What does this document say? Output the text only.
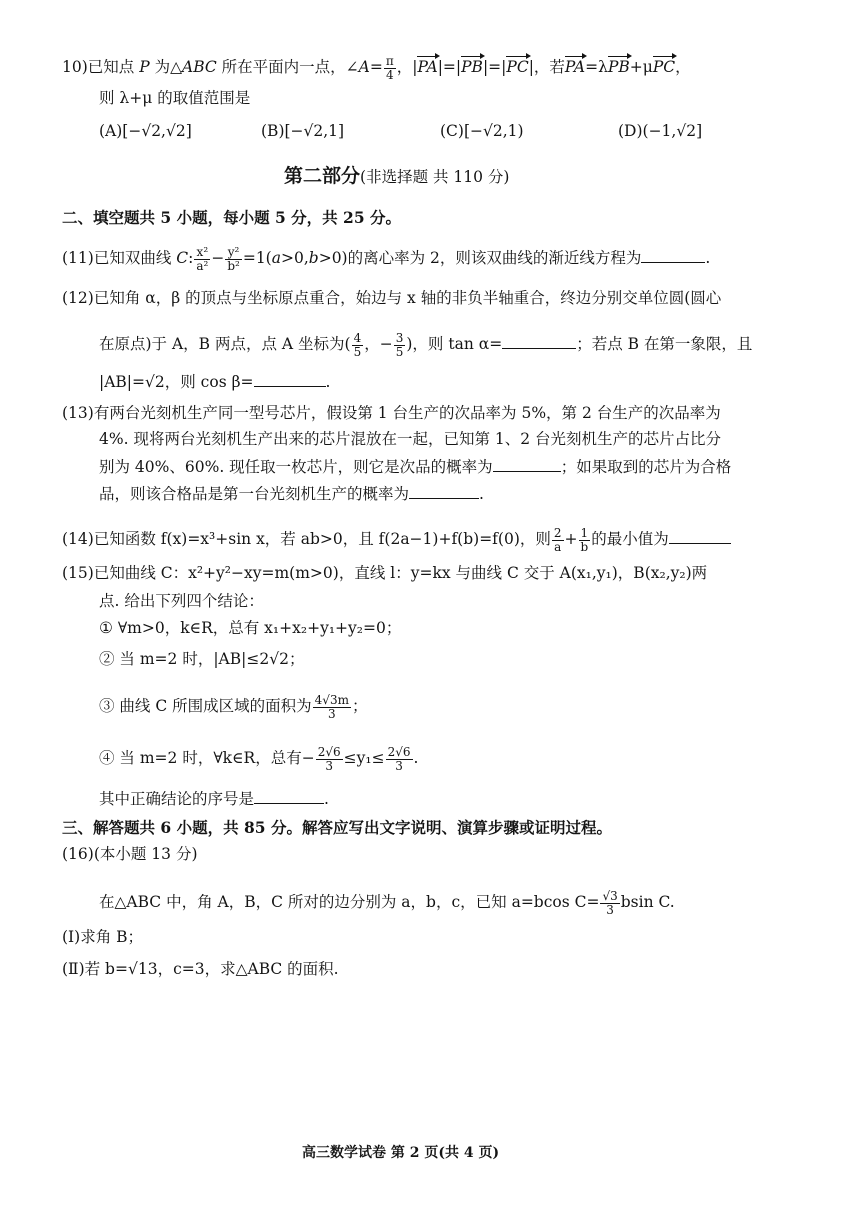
10)已知点 P 为△ABC 所在平面内一点，∠A= $\frac{\pi}{4}$ ，|PA|=|PB|=|PC|，若PA=λPB+μPC，
则 λ+μ 的取值范围是
(A)[−√2,√2]	(B)[−√2,1]	(C)[−√2,1)	(D)(−1,√2]
第二部分(非选择题 共 110 分)
二、填空题共 5 小题，每小题 5 分，共 25 分。
(11)已知双曲线 C: $\frac{\text{x²}}{\text{a²}} - \frac{\text{y²}}{\text{b²}} =1(a>0,b>0)$的离心率为 2，则该双曲线的渐近线方程为	.
(12)已知角 α，β 的顶点与坐标原点重合，始边与 x 轴的非负半轴重合，终边分别交单位圆(圆心
在原点)于 A，B 两点，点 A 坐标为( $\frac{4}{5}$ ，− $\frac{3}{5}$ )，则 tan α=	；若点 B 在第一象限，且
|AB|=√2，则 cos β=	.
(13)有两台光刻机生产同一型号芯片，假设第 1 台生产的次品率为 5%，第 2 台生产的次品率为
4%. 现将两台光刻机生产出来的芯片混放在一起，已知第 1、2 台光刻机生产的芯片占比分
别为 40%、60%. 现任取一枚芯片，则它是次品的概率为	；如果取到的芯片为合格
品，则该合格品是第一台光刻机生产的概率为	.
(14)已知函数 f(x)=x³+sin x，若 ab>0，且 f(2a−1)+f(b)=f(0)，则 $\frac{2}{a} + \frac{1}{b}$ 的最小值为
(15)已知曲线 C：x²+y²−xy=m(m>0)，直线 l：y=kx 与曲线 C 交于 A(x₁,y₁)，B(x₂,y₂)两
点. 给出下列四个结论：
① ∀m>0，k∈R，总有 x₁+x₂+y₁+y₂=0；
② 当 m=2 时，|AB|≤2√2；
③ 曲线 C 所围成区域的面积为 $\frac{4√3m}{3}$ ；
④ 当 m=2 时，∀k∈R，总有− $\frac{2√6}{3} \le y_1\le \frac{2√6}{3}$ .
其中正确结论的序号是	.
三、解答题共 6 小题，共 85 分。解答应写出文字说明、演算步骤或证明过程。
(16)(本小题 13 分)
在△ABC 中，角 A，B，C 所对的边分别为 a，b，c，已知 a=bcos $C= \frac{√3}{3}$ bsin C.
(Ⅰ)求角 B；
(Ⅱ)若 b=√13，c=3，求△ABC 的面积.
高三数学试卷 第 2 页(共 4 页)
